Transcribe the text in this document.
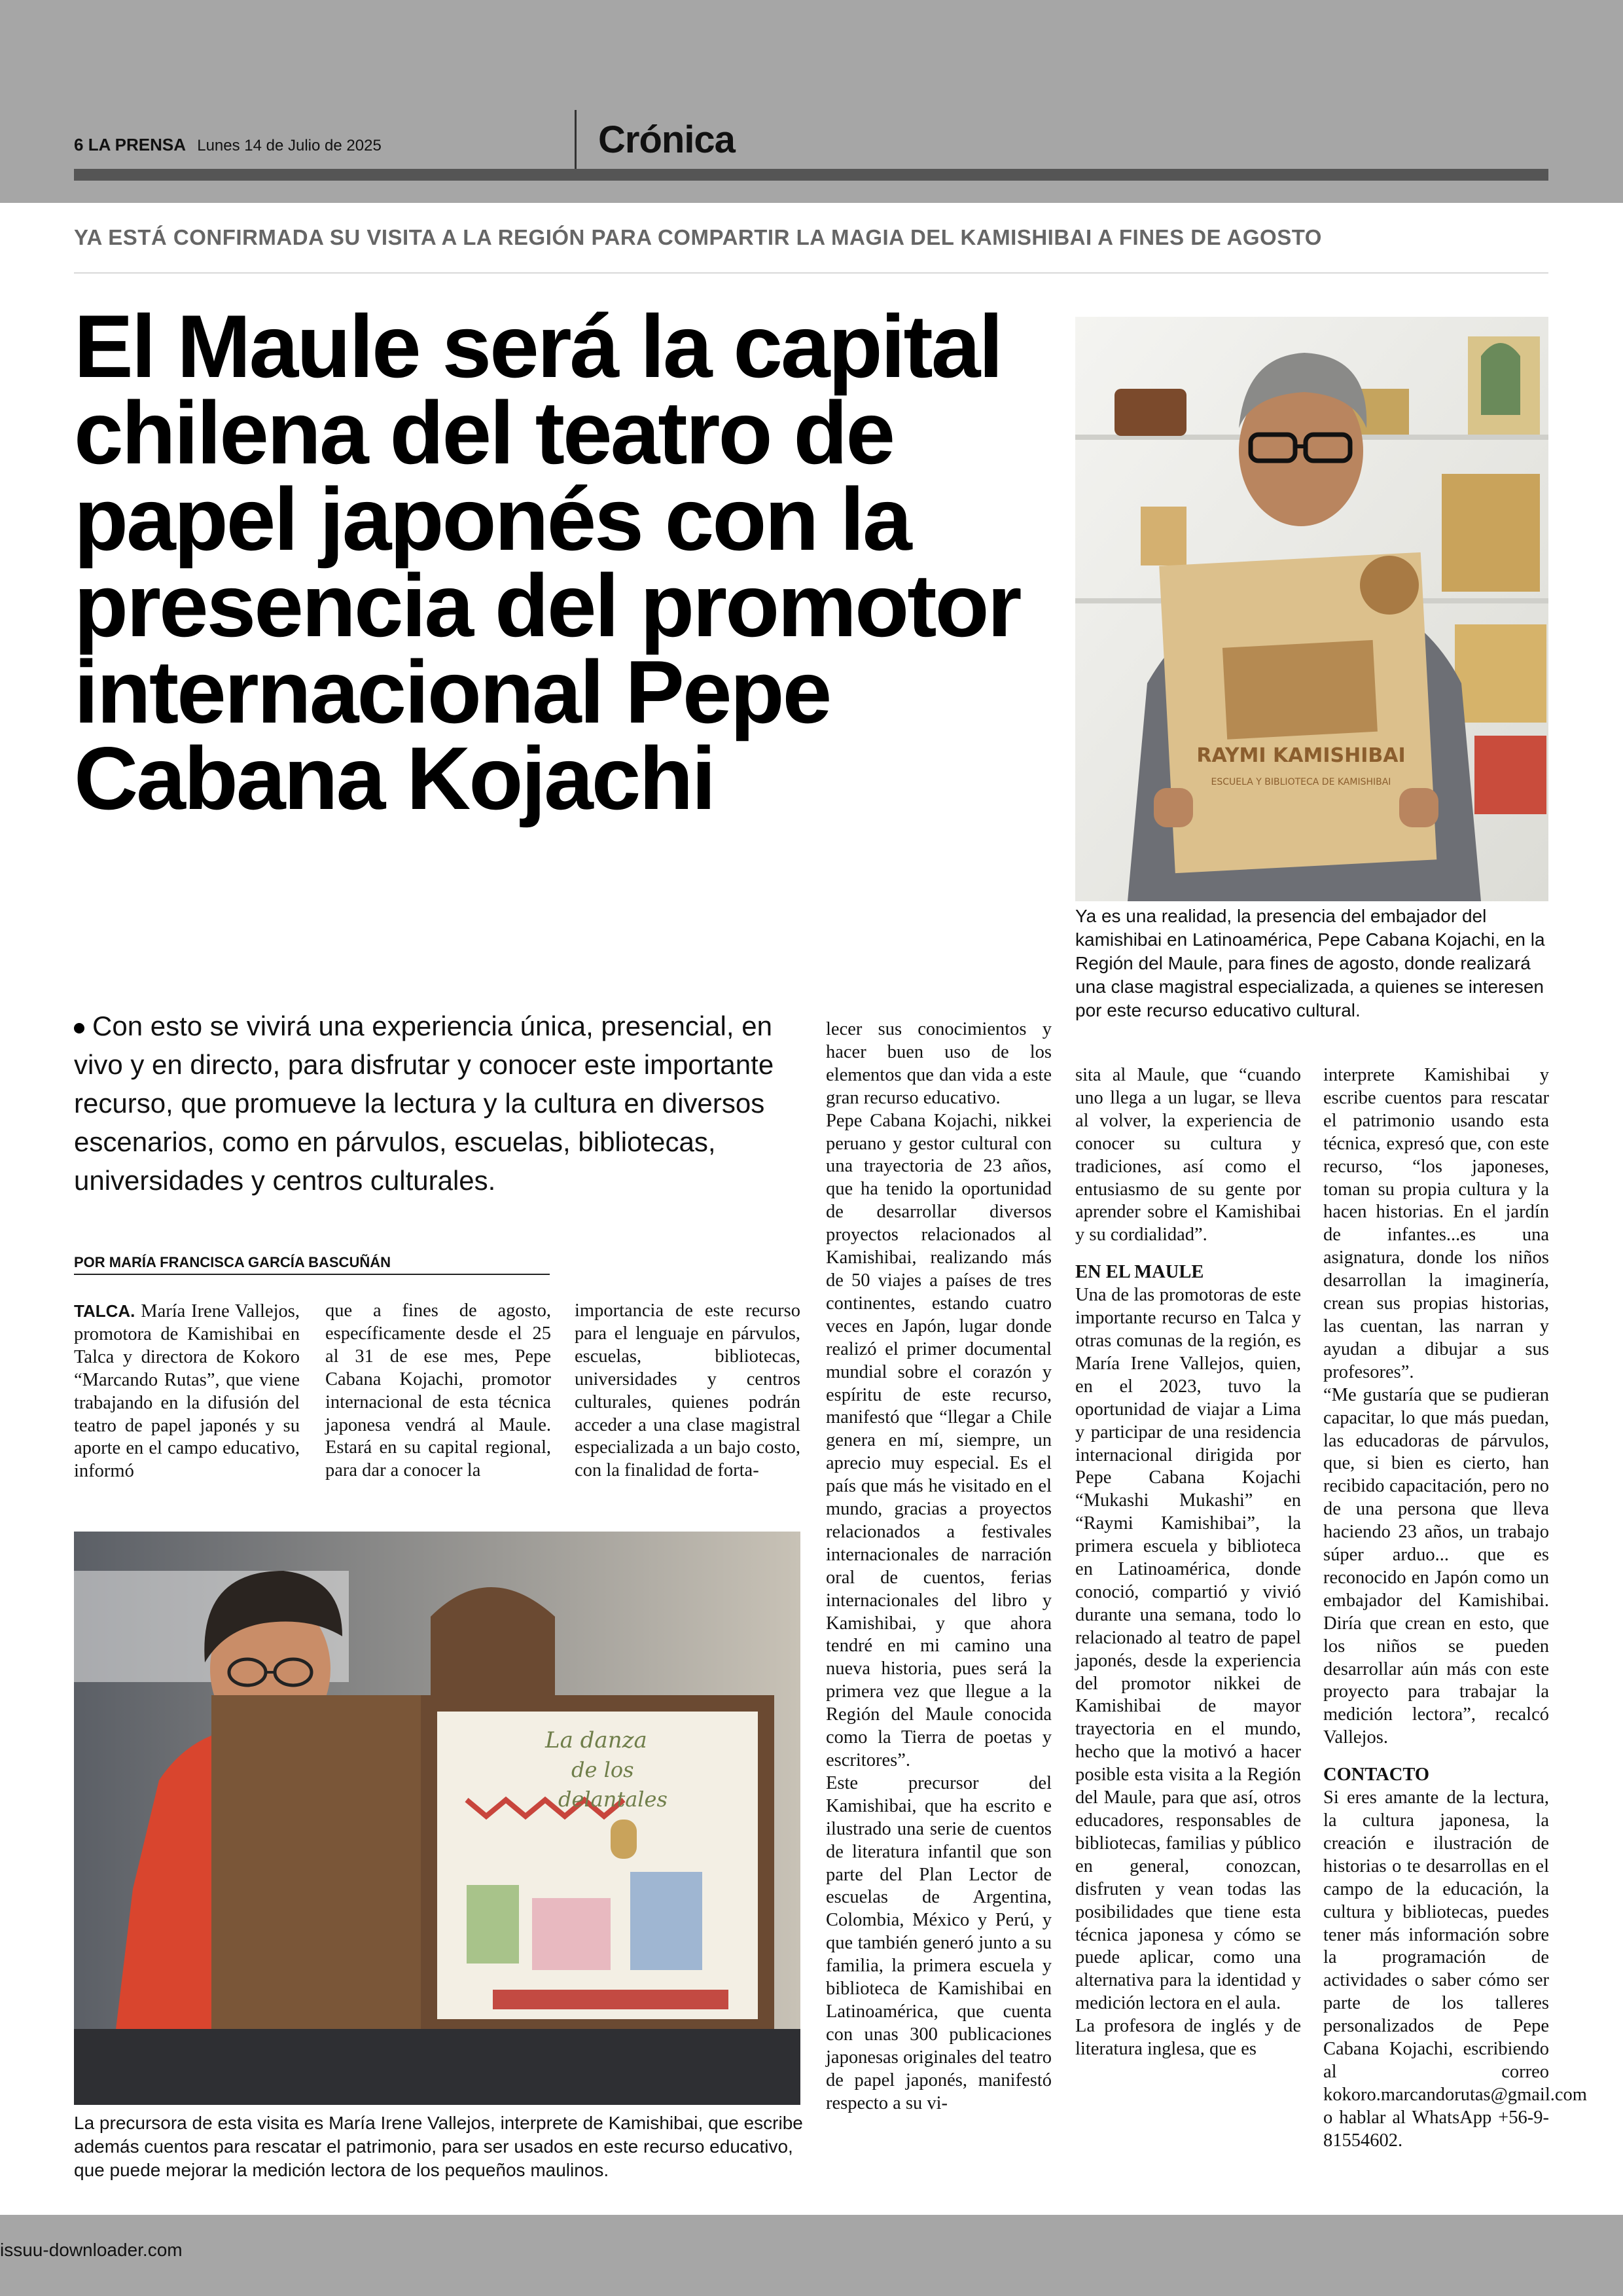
6 LA PRENSA Lunes 14 de Julio de 2025	Crónica
YA ESTÁ CONFIRMADA SU VISITA A LA REGIÓN PARA COMPARTIR LA MAGIA DEL KAMISHIBAI A FINES DE AGOSTO
El Maule será la capital chilena del teatro de papel japonés con la presencia del promotor internacional Pepe Cabana Kojachi	RAYMI KAMISHIBAI
ESCUELA Y BIBLIOTECA DE KAMISHIBAI

Ya es una realidad, la presencia del embajador del kamishibai en Latinoamérica, Pepe Cabana Kojachi, en la Región del Maule, para fines de agosto, donde realizará una clase magistral especializada, a quienes se interesen por este recurso educativo cultural.

Con esto se vivirá una experiencia única, presencial, en vivo y en directo, para disfrutar y conocer este importante recurso, que promueve la lectura y la cultura en diversos escenarios, como en párvulos, escuelas, bibliotecas, universidades y centros culturales.

POR MARÍA FRANCISCA GARCÍA BASCUÑÁN

TALCA. María Irene Vallejos, promotora de Kamishibai en Talca y directora de Kokoro “Marcando Rutas”, que viene trabajando en la difusión del teatro de papel japonés y su aporte en el campo educativo, informó

que a fines de agosto, específicamente desde el 25 al 31 de ese mes, Pepe Cabana Kojachi, promotor internacional de esta técnica japonesa vendrá al Maule. Estará en su capital regional, para dar a conocer la

importancia de este recurso para el lenguaje en párvulos, escuelas, bibliotecas, universidades y centros culturales, quienes podrán acceder a una clase magistral especializada a un bajo costo, con la finalidad de forta-

La danza
de los
delantales

La precursora de esta visita es María Irene Vallejos, interprete de Kamishibai, que escribe además cuentos para rescatar el patrimonio, para ser usados en este recurso educativo, que puede mejorar la medición lectora de los pequeños maulinos.

lecer sus conocimientos y hacer buen uso de los elementos que dan vida a este gran recurso educativo.

Pepe Cabana Kojachi, nikkei peruano y gestor cultural con una trayectoria de 23 años, que ha tenido la oportunidad de desarrollar diversos proyectos relacionados al Kamishibai, realizando más de 50 viajes a países de tres continentes, estando cuatro veces en Japón, lugar donde realizó el primer documental mundial sobre el corazón y espíritu de este recurso, manifestó que “llegar a Chile genera en mí, siempre, un aprecio muy especial. Es el país que más he visitado en el mundo, gracias a proyectos relacionados a festivales internacionales de narración oral de cuentos, ferias internacionales del libro y Kamishibai, y que ahora tendré en mi camino una nueva historia, pues será la primera vez que llegue a la Región del Maule conocida como la Tierra de poetas y escritores”.

Este precursor del Kamishibai, que ha escrito e ilustrado una serie de cuentos de literatura infantil que son parte del Plan Lector de escuelas de Argentina, Colombia, México y Perú, y que también generó junto a su familia, la primera escuela y biblioteca de Kamishibai en Latinoamérica, que cuenta con unas 300 publicaciones japonesas originales del teatro de papel japonés, manifestó respecto a su vi-

sita al Maule, que “cuando uno llega a un lugar, se lleva al volver, la experiencia de conocer su cultura y tradiciones, así como el entusiasmo de su gente por aprender sobre el Kamishibai y su cordialidad”.

EN EL MAULE

Una de las promotoras de este importante recurso en Talca y otras comunas de la región, es María Irene Vallejos, quien, en el 2023, tuvo la oportunidad de viajar a Lima y participar de una residencia internacional dirigida por Pepe Cabana Kojachi “Mukashi Mukashi” en “Raymi Kamishibai”, la primera escuela y biblioteca en Latinoamérica, donde conoció, compartió y vivió durante una semana, todo lo relacionado al teatro de papel japonés, desde la experiencia del promotor nikkei de Kamishibai de mayor trayectoria en el mundo, hecho que la motivó a hacer posible esta visita a la Región del Maule, para que así, otros educadores, responsables de bibliotecas, familias y público en general, conozcan, disfruten y vean todas las posibilidades que tiene esta técnica japonesa y cómo se puede aplicar, como una alternativa para la identidad y medición lectora en el aula.

La profesora de inglés y de literatura inglesa, que es

interprete Kamishibai y escribe cuentos para rescatar el patrimonio usando esta técnica, expresó que, con este recurso, “los japoneses, toman su propia cultura y la hacen historias. En el jardín de infantes...es una asignatura, donde los niños desarrollan la imaginería, crean sus propias historias, las cuentan, las narran y ayudan a dibujar a sus profesores”.

“Me gustaría que se pudieran capacitar, lo que más puedan, las educadoras de párvulos, que, si bien es cierto, han recibido capacitación, pero no de una persona que lleva haciendo 23 años, un trabajo súper arduo... que es reconocido en Japón como un embajador del Kamishibai. Diría que crean en esto, que los niños se pueden desarrollar aún más con este proyecto para trabajar la medición lectora”, recalcó Vallejos.

CONTACTO

Si eres amante de la lectura, la cultura japonesa, la creación e ilustración de historias o te desarrollas en el campo de la educación, la cultura y bibliotecas, puedes tener más información sobre la programación de actividades o saber cómo ser parte de los talleres personalizados de Pepe Cabana Kojachi, escribiendo al correo kokoro.marcandorutas@gmail.com o hablar al WhatsApp +56-9-81554602.

issuu-downloader.com
